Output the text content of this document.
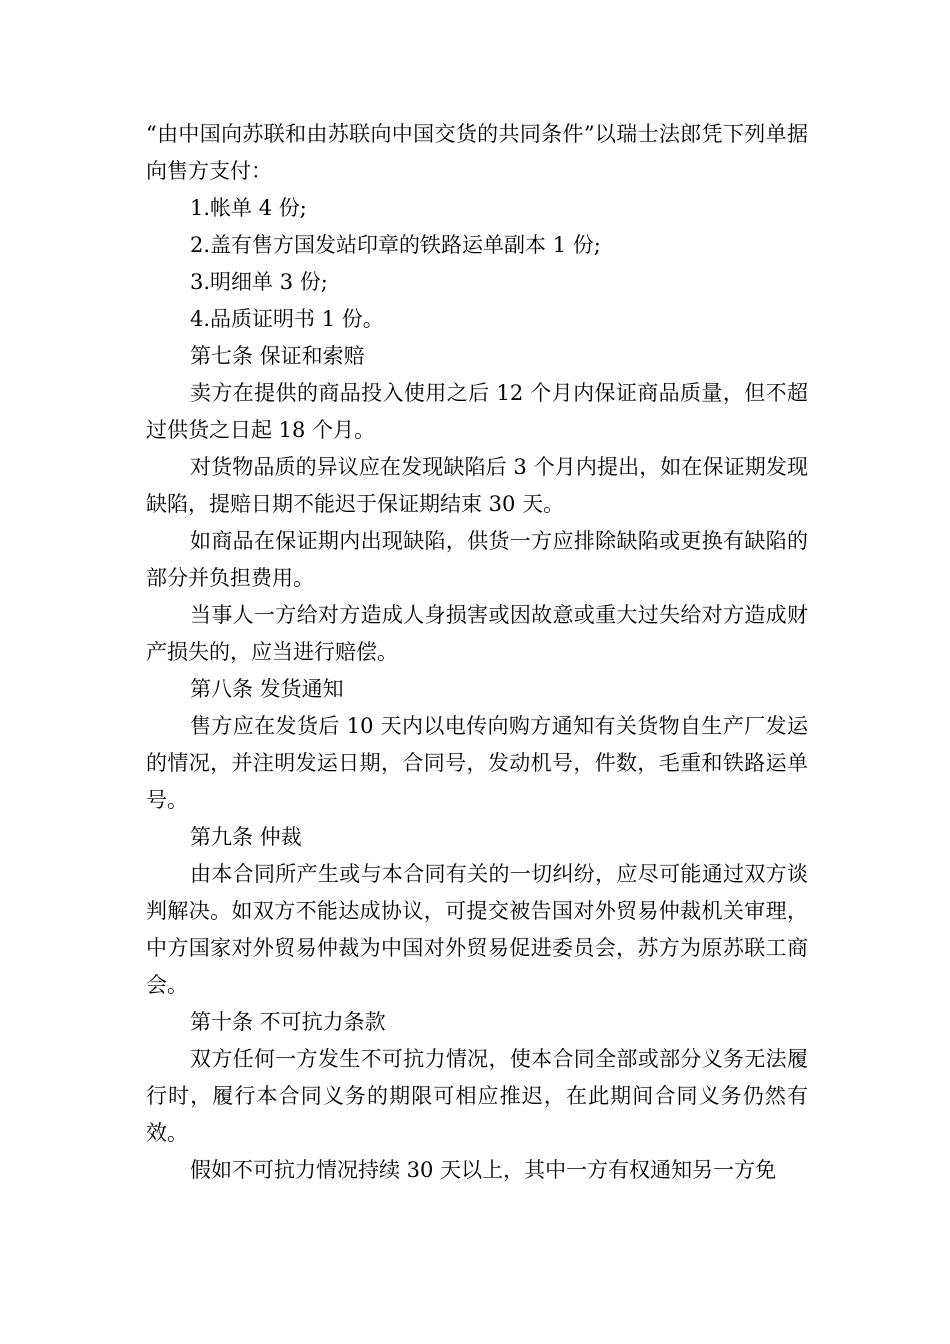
“由中国向苏联和由苏联向中国交货的共同条件”以瑞士法郎凭下列单据向售方支付：

1.帐单 4 份;

2.盖有售方国发站印章的铁路运单副本 1 份;

3.明细单 3 份;

4.品质证明书 1 份。

第七条 保证和索赔

卖方在提供的商品投入使用之后 12 个月内保证商品质量，但不超过供货之日起 18 个月。

对货物品质的异议应在发现缺陷后 3 个月内提出，如在保证期发现缺陷，提赔日期不能迟于保证期结束 30 天。

如商品在保证期内出现缺陷，供货一方应排除缺陷或更换有缺陷的部分并负担费用。

当事人一方给对方造成人身损害或因故意或重大过失给对方造成财产损失的，应当进行赔偿。

第八条 发货通知

售方应在发货后 10 天内以电传向购方通知有关货物自生产厂发运的情况，并注明发运日期，合同号，发动机号，件数，毛重和铁路运单号。

第九条 仲裁

由本合同所产生或与本合同有关的一切纠纷，应尽可能通过双方谈判解决。如双方不能达成协议，可提交被告国对外贸易仲裁机关审理，中方国家对外贸易仲裁为中国对外贸易促进委员会，苏方为原苏联工商会。

第十条 不可抗力条款

双方任何一方发生不可抗力情况，使本合同全部或部分义务无法履行时，履行本合同义务的期限可相应推迟，在此期间合同义务仍然有效。

假如不可抗力情况持续 30 天以上，其中一方有权通知另一方免
